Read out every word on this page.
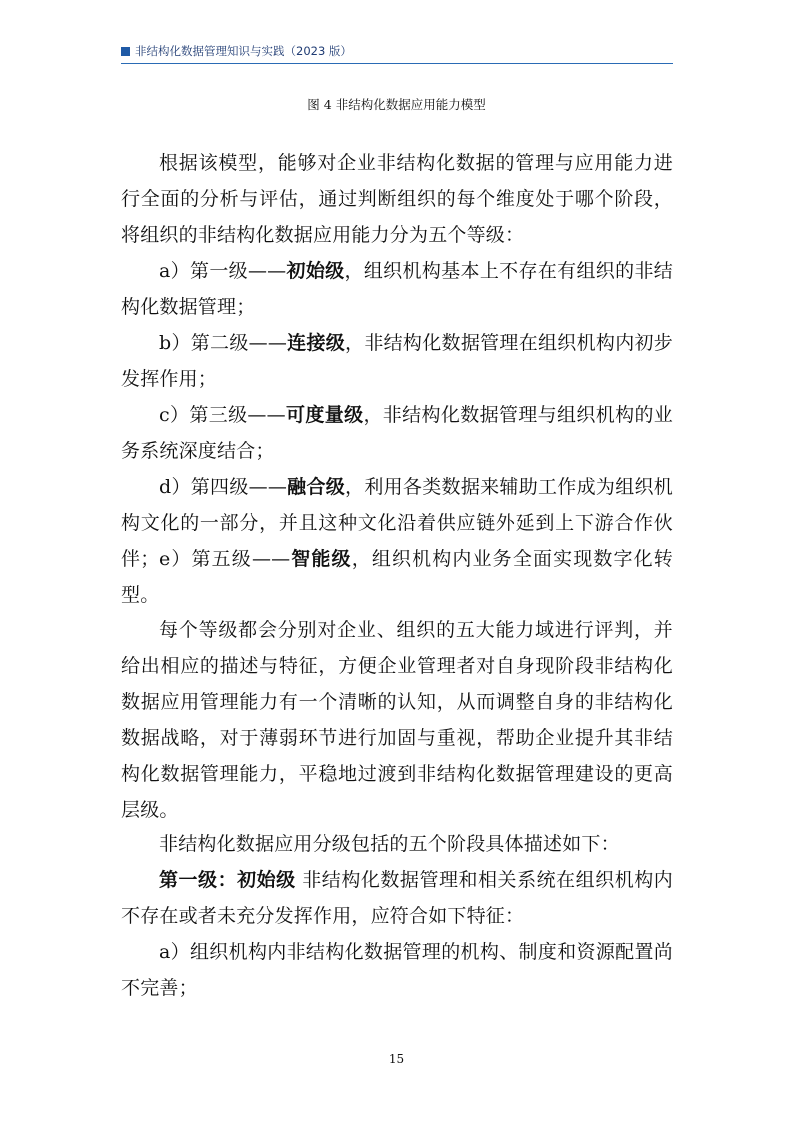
非结构化数据管理知识与实践（2023 版）
图 4 非结构化数据应用能力模型

根据该模型，能够对企业非结构化数据的管理与应用能力进行全面的分析与评估，通过判断组织的每个维度处于哪个阶段，将组织的非结构化数据应用能力分为五个等级：

a）第一级——初始级，组织机构基本上不存在有组织的非结构化数据管理；

b）第二级——连接级，非结构化数据管理在组织机构内初步发挥作用；

c）第三级——可度量级，非结构化数据管理与组织机构的业务系统深度结合；

d）第四级——融合级，利用各类数据来辅助工作成为组织机构文化的一部分，并且这种文化沿着供应链外延到上下游合作伙伴； e）第五级——智能级，组织机构内业务全面实现数字化转型。

每个等级都会分别对企业、组织的五大能力域进行评判，并给出相应的描述与特征，方便企业管理者对自身现阶段非结构化数据应用管理能力有一个清晰的认知，从而调整自身的非结构化数据战略，对于薄弱环节进行加固与重视，帮助企业提升其非结构化数据管理能力，平稳地过渡到非结构化数据管理建设的更高层级。

非结构化数据应用分级包括的五个阶段具体描述如下：

第一级：初始级 非结构化数据管理和相关系统在组织机构内不存在或者未充分发挥作用，应符合如下特征：

a）组织机构内非结构化数据管理的机构、制度和资源配置尚不完善；

15
